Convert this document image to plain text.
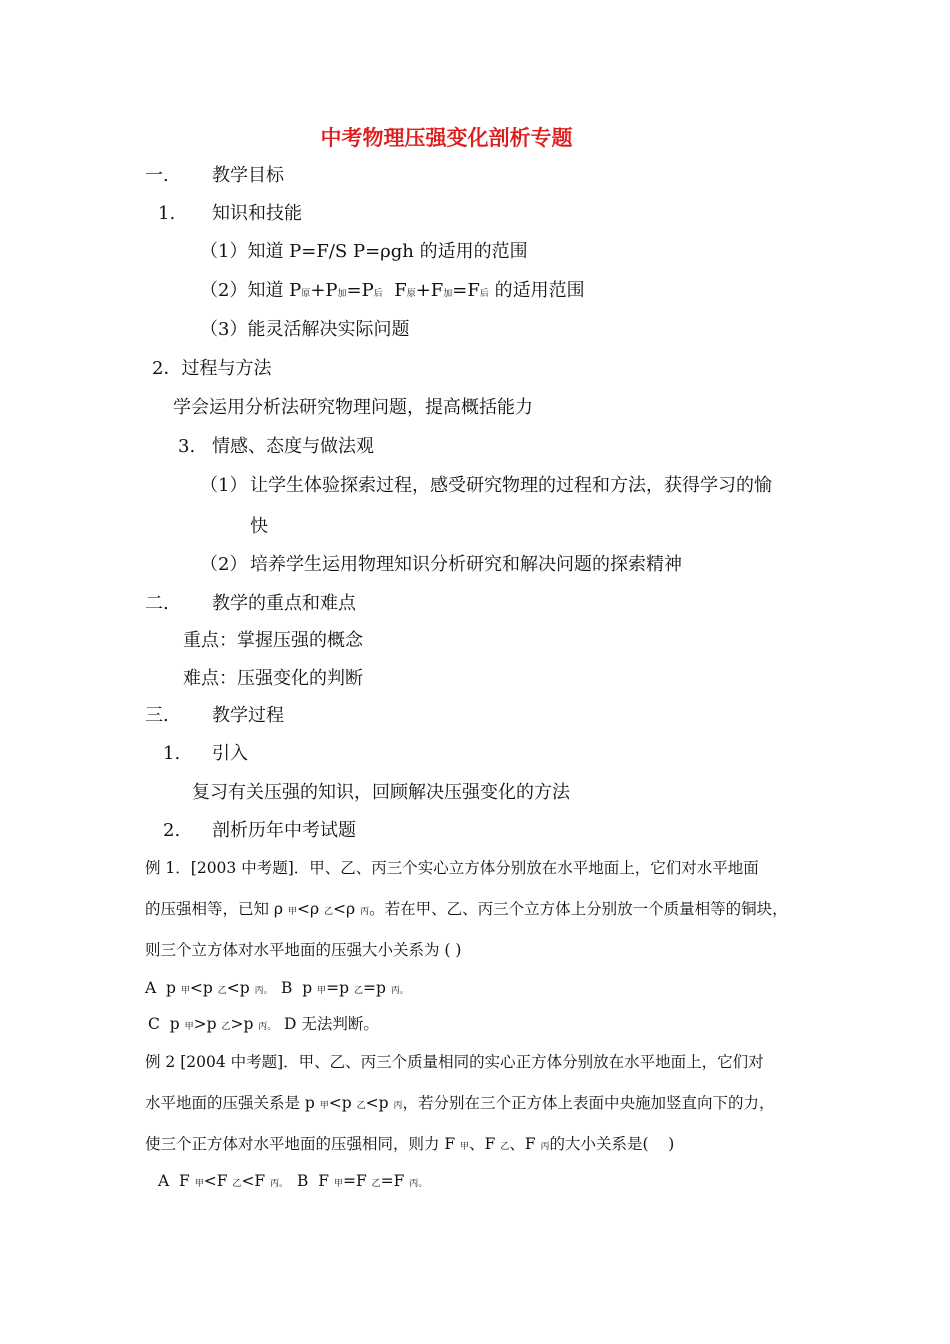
中考物理压强变化剖析专题
一. 教学目标
1. 知识和技能
（1）知道 P=F/S P=ρgh 的适用的范围
（2）知道 P原+P加=P后  F原+F加=F后 的适用范围
（3）能灵活解决实际问题
2．过程与方法
学会运用分析法研究物理问题，提高概括能力
3. 情感、态度与做法观
（1） 让学生体验探索过程，感受研究物理的过程和方法，获得学习的愉
快
（2） 培养学生运用物理知识分析研究和解决问题的探索精神
二. 教学的重点和难点
重点：掌握压强的概念
难点：压强变化的判断
三. 教学过程
1. 引入
复习有关压强的知识，回顾解决压强变化的方法
2. 剖析历年中考试题
例 1．[2003 中考题]．甲、乙、丙三个实心立方体分别放在水平地面上，它们对水平地面
的压强相等，已知 ρ 甲<ρ 乙<ρ 丙。若在甲、乙、丙三个立方体上分别放一个质量相等的铜块，
则三个立方体对水平地面的压强大小关系为 ( )
A  p 甲<p 乙<p 丙。 B  p 甲=p 乙=p 丙。
C  p 甲>p 乙>p 丙。 D 无法判断。
例 2 [2004 中考题]．甲、乙、丙三个质量相同的实心正方体分别放在水平地面上，它们对
水平地面的压强关系是 p 甲<p 乙<p 丙，若分别在三个正方体上表面中央施加竖直向下的力，
使三个正方体对水平地面的压强相同，则力 F 甲、F 乙、F 丙的大小关系是(    )
A  F 甲<F 乙<F 丙。 B  F 甲=F 乙=F 丙。
